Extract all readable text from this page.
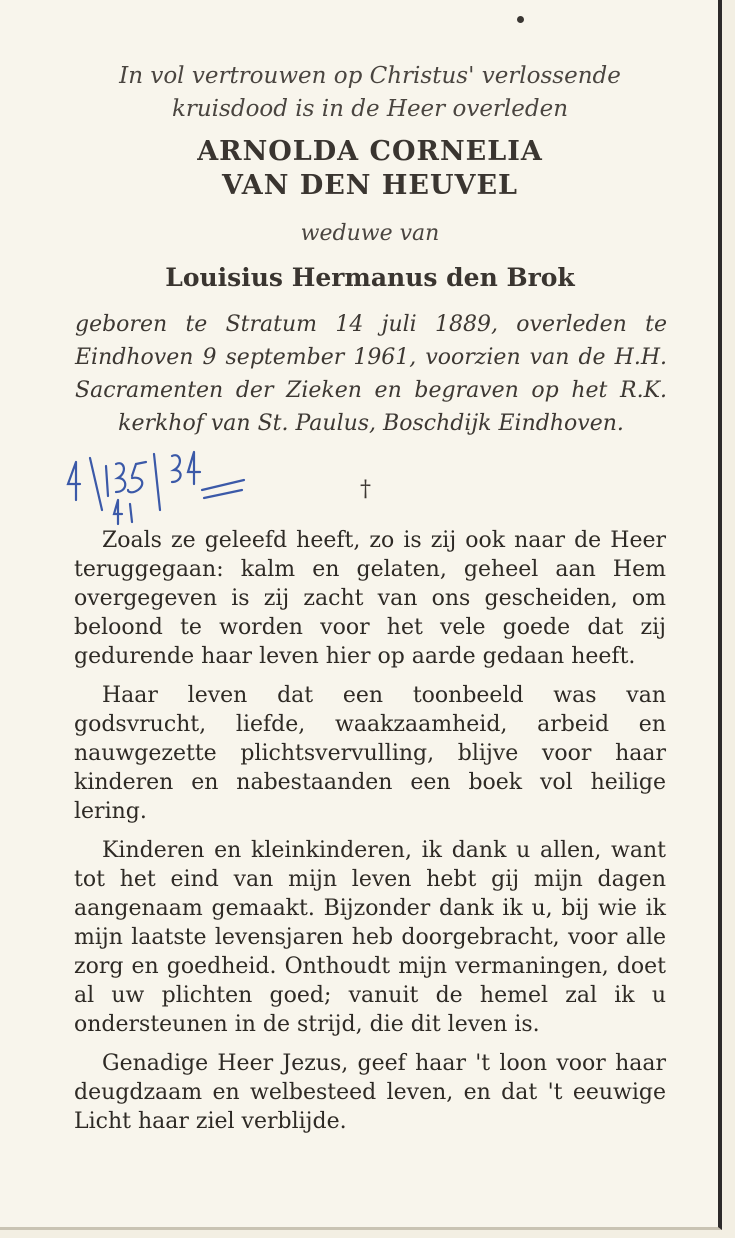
In vol vertrouwen op Christus' verlossende kruisdood is in de Heer overleden
ARNOLDA CORNELIA
VAN DEN HEUVEL
weduwe van
Louisius Hermanus den Brok
geboren te Stratum 14 juli 1889, overleden te Eindhoven 9 september 1961, voorzien van de H.H. Sacramenten der Zieken en begraven op het R.K. kerkhof van St. Paulus, Boschdijk Eindhoven.
†

Zoals ze geleefd heeft, zo is zij ook naar de Heer teruggegaan: kalm en gelaten, geheel aan Hem overgegeven is zij zacht van ons gescheiden, om beloond te worden voor het vele goede dat zij gedurende haar leven hier op aarde gedaan heeft.

Haar leven dat een toonbeeld was van godsvrucht, liefde, waakzaamheid, arbeid en nauwgezette plichtsvervulling, blijve voor haar kinderen en nabestaanden een boek vol heilige lering.

Kinderen en kleinkinderen, ik dank u allen, want tot het eind van mijn leven hebt gij mijn dagen aangenaam gemaakt. Bijzonder dank ik u, bij wie ik mijn laatste levensjaren heb doorgebracht, voor alle zorg en goedheid. Onthoudt mijn vermaningen, doet al uw plichten goed; vanuit de hemel zal ik u ondersteunen in de strijd, die dit leven is.

Genadige Heer Jezus, geef haar 't loon voor haar deugdzaam en welbesteed leven, en dat 't eeuwige Licht haar ziel verblijde.
